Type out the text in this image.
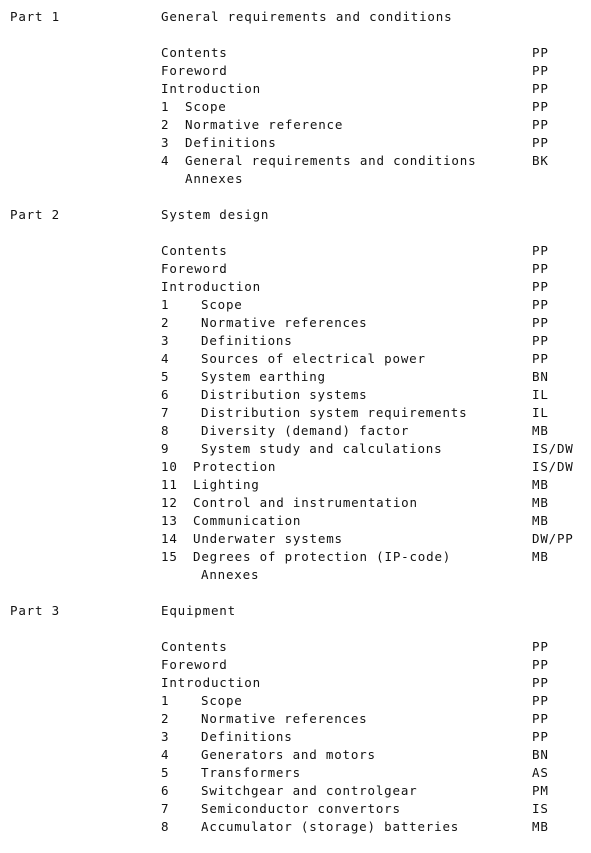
Part 1	General requirements and conditions
Contents	PP
Foreword	PP
Introduction	PP
1 Scope	PP
2 Normative reference	PP
3 Definitions	PP
4 General requirements and conditions	BK
Annexes
Part 2	System design
Contents	PP
Foreword	PP
Introduction	PP
1	Scope	PP
2	Normative references	PP
3	Definitions	PP
4	Sources of electrical power	PP
5	System earthing	BN
6	Distribution systems	IL
7	Distribution system requirements	IL
8	Diversity (demand) factor	MB
9	System study and calculations	IS/DW
10 Protection	IS/DW
11 Lighting	MB
12 Control and instrumentation	MB
13 Communication	MB
14 Underwater systems	DW/PP
15 Degrees of protection (IP-code)	MB
Annexes
Part 3	Equipment
Contents	PP
Foreword	PP
Introduction	PP
1	Scope	PP
2	Normative references	PP
3	Definitions	PP
4	Generators and motors	BN
5	Transformers	AS
6	Switchgear and controlgear	PM
7	Semiconductor convertors	IS
8	Accumulator (storage) batteries	MB
